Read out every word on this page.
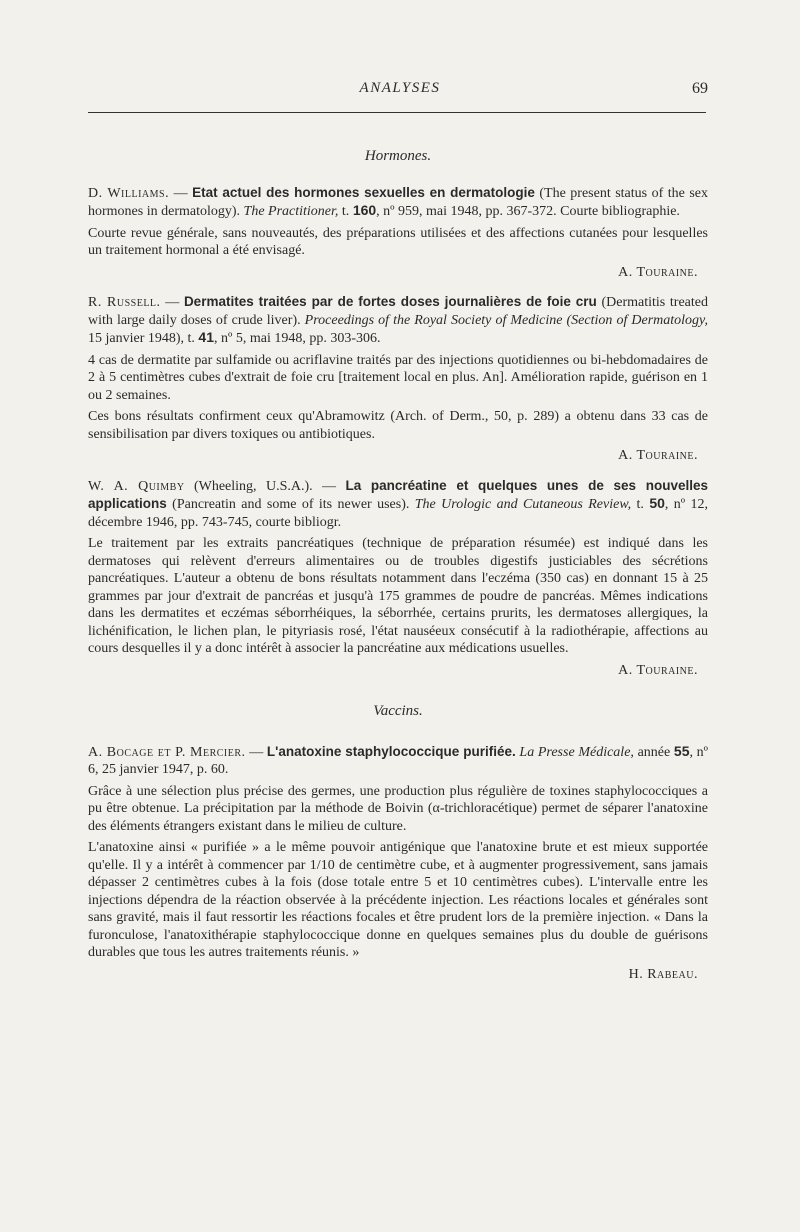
ANALYSES	69
Hormones.

D. Williams. — Etat actuel des hormones sexuelles en dermatologie (The present status of the sex hormones in dermatology). The Practitioner, t. 160, nº 959, mai 1948, pp. 367-372. Courte bibliographie.

Courte revue générale, sans nouveautés, des préparations utilisées et des affections cutanées pour lesquelles un traitement hormonal a été envisagé.

A. Touraine.

R. Russell. — Dermatites traitées par de fortes doses journalières de foie cru (Dermatitis treated with large daily doses of crude liver). Proceedings of the Royal Society of Medicine (Section of Dermatology, 15 janvier 1948), t. 41, nº 5, mai 1948, pp. 303-306.

4 cas de dermatite par sulfamide ou acriflavine traités par des injections quotidiennes ou bi-hebdomadaires de 2 à 5 centimètres cubes d'extrait de foie cru [traitement local en plus. An]. Amélioration rapide, guérison en 1 ou 2 semaines.

Ces bons résultats confirment ceux qu'Abramowitz (Arch. of Derm., 50, p. 289) a obtenu dans 33 cas de sensibilisation par divers toxiques ou antibiotiques.

A. Touraine.

W. A. Quimby (Wheeling, U.S.A.). — La pancréatine et quelques unes de ses nouvelles applications (Pancreatin and some of its newer uses). The Urologic and Cutaneous Review, t. 50, nº 12, décembre 1946, pp. 743-745, courte bibliogr.

Le traitement par les extraits pancréatiques (technique de préparation résumée) est indiqué dans les dermatoses qui relèvent d'erreurs alimentaires ou de troubles digestifs justiciables des sécrétions pancréatiques. L'auteur a obtenu de bons résultats notamment dans l'eczéma (350 cas) en donnant 15 à 25 grammes par jour d'extrait de pancréas et jusqu'à 175 grammes de poudre de pancréas. Mêmes indications dans les dermatites et eczémas séborrhéiques, la séborrhée, certains prurits, les dermatoses allergiques, la lichénification, le lichen plan, le pityriasis rosé, l'état nauséeux consécutif à la radiothérapie, affections au cours desquelles il y a donc intérêt à associer la pancréatine aux médications usuelles.

A. Touraine.
Vaccins.

A. Bocage et P. Mercier. — L'anatoxine staphylococcique purifiée. La Presse Médicale, année 55, nº 6, 25 janvier 1947, p. 60.

Grâce à une sélection plus précise des germes, une production plus régulière de toxines staphylococciques a pu être obtenue. La précipitation par la méthode de Boivin (α-trichloracétique) permet de séparer l'anatoxine des éléments étrangers existant dans le milieu de culture.

L'anatoxine ainsi « purifiée » a le même pouvoir antigénique que l'anatoxine brute et est mieux supportée qu'elle. Il y a intérêt à commencer par 1/10 de centimètre cube, et à augmenter progressivement, sans jamais dépasser 2 centimètres cubes à la fois (dose totale entre 5 et 10 centimètres cubes). L'intervalle entre les injections dépendra de la réaction observée à la précédente injection. Les réactions locales et générales sont sans gravité, mais il faut ressortir les réactions focales et être prudent lors de la première injection. « Dans la furonculose, l'anatoxithérapie staphylococcique donne en quelques semaines plus du double de guérisons durables que tous les autres traitements réunis. »

H. Rabeau.
